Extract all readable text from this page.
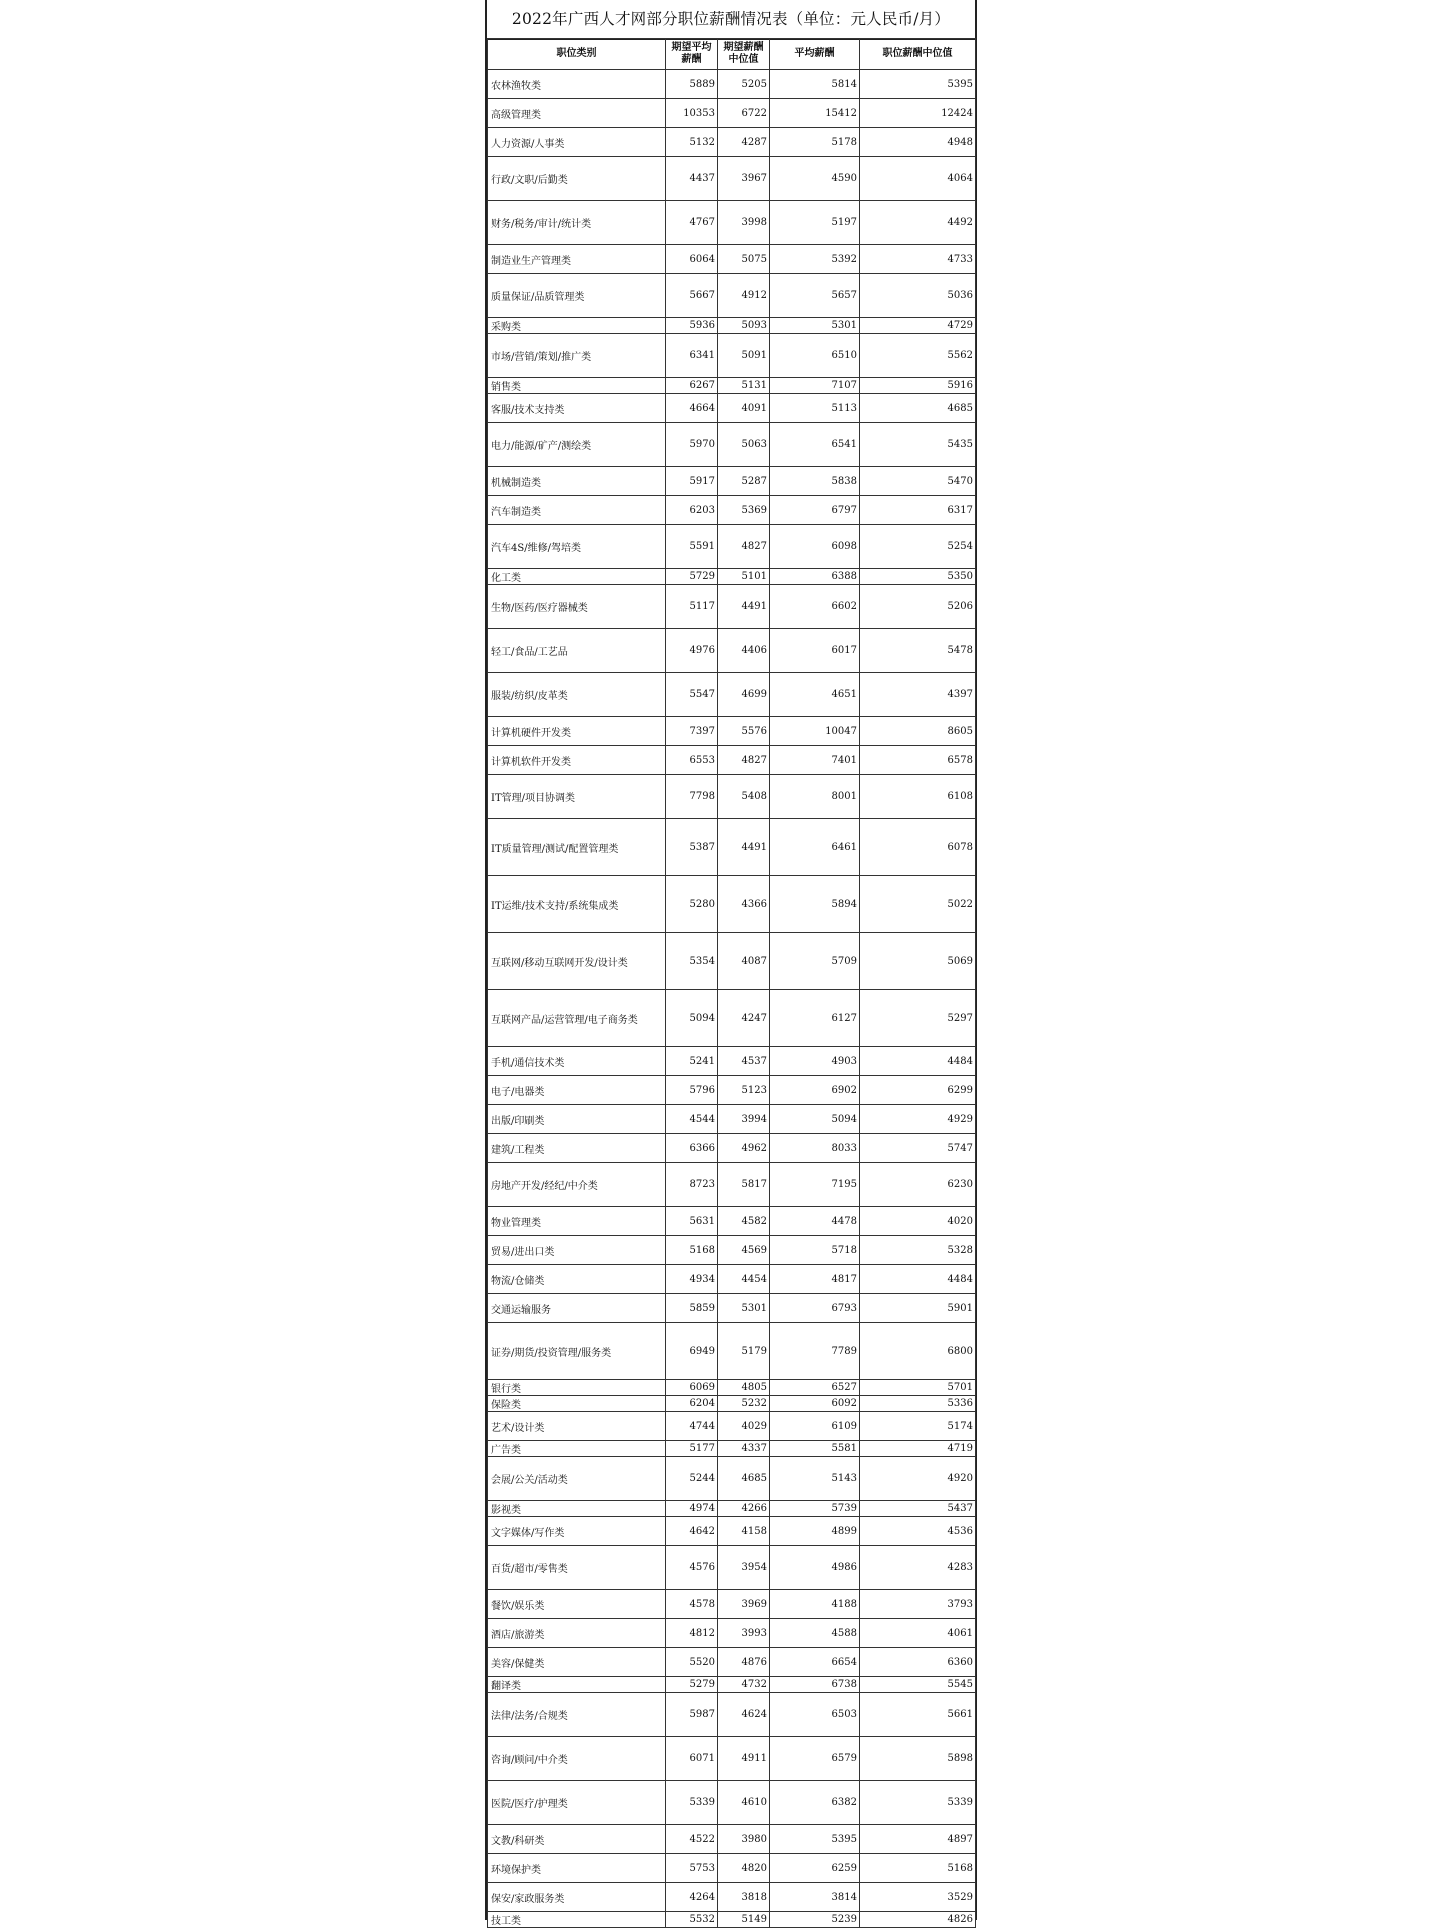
2022年广西人才网部分职位薪酬情况表（单位：元人民币/月）
职位类别	期望平均薪酬	期望薪酬中位值	平均薪酬	职位薪酬中位值
农林渔牧类	5889	5205	5814	5395
高级管理类	10353	6722	15412	12424
人力资源/人事类	5132	4287	5178	4948
行政/文职/后勤类	4437	3967	4590	4064
财务/税务/审计/统计类	4767	3998	5197	4492
制造业生产管理类	6064	5075	5392	4733
质量保证/品质管理类	5667	4912	5657	5036
采购类	5936	5093	5301	4729
市场/营销/策划/推广类	6341	5091	6510	5562
销售类	6267	5131	7107	5916
客服/技术支持类	4664	4091	5113	4685
电力/能源/矿产/测绘类	5970	5063	6541	5435
机械制造类	5917	5287	5838	5470
汽车制造类	6203	5369	6797	6317
汽车4S/维修/驾培类	5591	4827	6098	5254
化工类	5729	5101	6388	5350
生物/医药/医疗器械类	5117	4491	6602	5206
轻工/食品/工艺品	4976	4406	6017	5478
服装/纺织/皮革类	5547	4699	4651	4397
计算机硬件开发类	7397	5576	10047	8605
计算机软件开发类	6553	4827	7401	6578
IT管理/项目协调类	7798	5408	8001	6108
IT质量管理/测试/配置管理类	5387	4491	6461	6078
IT运维/技术支持/系统集成类	5280	4366	5894	5022
互联网/移动互联网开发/设计类	5354	4087	5709	5069
互联网产品/运营管理/电子商务类	5094	4247	6127	5297
手机/通信技术类	5241	4537	4903	4484
电子/电器类	5796	5123	6902	6299
出版/印刷类	4544	3994	5094	4929
建筑/工程类	6366	4962	8033	5747
房地产开发/经纪/中介类	8723	5817	7195	6230
物业管理类	5631	4582	4478	4020
贸易/进出口类	5168	4569	5718	5328
物流/仓储类	4934	4454	4817	4484
交通运输服务	5859	5301	6793	5901
证券/期货/投资管理/服务类	6949	5179	7789	6800
银行类	6069	4805	6527	5701
保险类	6204	5232	6092	5336
艺术/设计类	4744	4029	6109	5174
广告类	5177	4337	5581	4719
会展/公关/活动类	5244	4685	5143	4920
影视类	4974	4266	5739	5437
文字媒体/写作类	4642	4158	4899	4536
百货/超市/零售类	4576	3954	4986	4283
餐饮/娱乐类	4578	3969	4188	3793
酒店/旅游类	4812	3993	4588	4061
美容/保健类	5520	4876	6654	6360
翻译类	5279	4732	6738	5545
法律/法务/合规类	5987	4624	6503	5661
咨询/顾问/中介类	6071	4911	6579	5898
医院/医疗/护理类	5339	4610	6382	5339
文教/科研类	4522	3980	5395	4897
环境保护类	5753	4820	6259	5168
保安/家政服务类	4264	3818	3814	3529
技工类	5532	5149	5239	4826
